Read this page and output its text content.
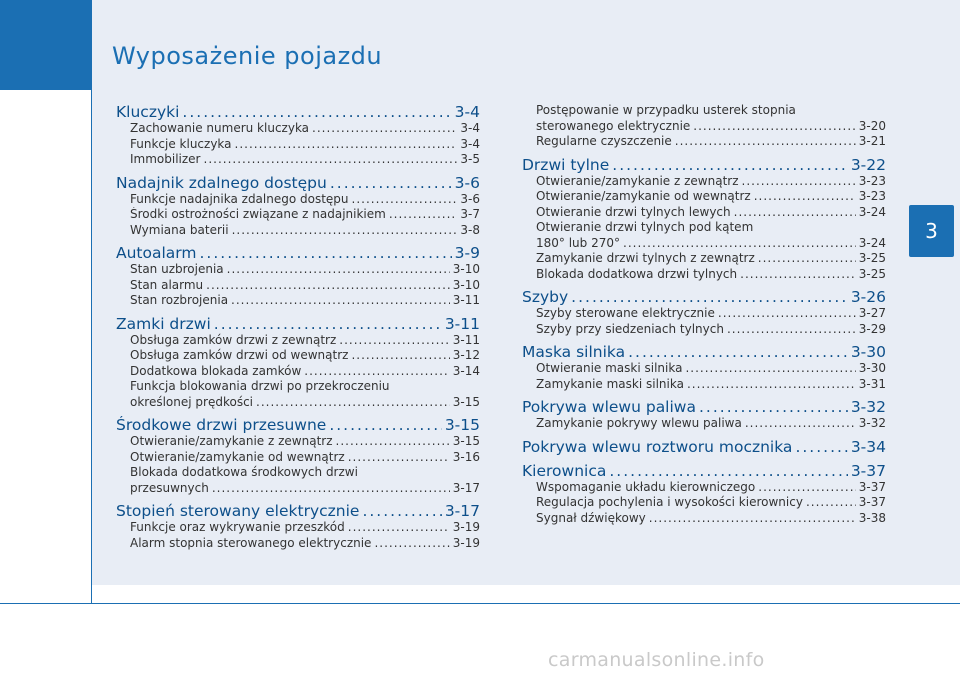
Wyposażenie pojazdu
Kluczyki .....	3-4
Zachowanie numeru kluczyka .....	3-4
Funkcje kluczyka .....	3-4
Immobilizer .....	3-5
Nadajnik zdalnego dostępu .....	3-6
Funkcje nadajnika zdalnego dostępu .....	3-6
Środki ostrożności związane z nadajnikiem .....	3-7
Wymiana baterii .....	3-8
Autoalarm .....	3-9
Stan uzbrojenia .....	3-10
Stan alarmu .....	3-10
Stan rozbrojenia .....	3-11
Zamki drzwi .....	3-11
Obsługa zamków drzwi z zewnątrz .....	3-11
Obsługa zamków drzwi od wewnątrz .....	3-12
Dodatkowa blokada zamków .....	3-14
Funkcja blokowania drzwi po przekroczeniu
określonej prędkości .....	3-15
Środkowe drzwi przesuwne .....	3-15
Otwieranie/zamykanie z zewnątrz .....	3-15
Otwieranie/zamykanie od wewnątrz .....	3-16
Blokada dodatkowa środkowych drzwi
przesuwnych .....	3-17
Stopień sterowany elektrycznie .....	3-17
Funkcje oraz wykrywanie przeszkód .....	3-19
Alarm stopnia sterowanego elektrycznie .....	3-19
Postępowanie w przypadku usterek stopnia
sterowanego elektrycznie .....	3-20
Regularne czyszczenie .....	3-21
Drzwi tylne .....	3-22
Otwieranie/zamykanie z zewnątrz .....	3-23
Otwieranie/zamykanie od wewnątrz .....	3-23
Otwieranie drzwi tylnych lewych .....	3-24
Otwieranie drzwi tylnych pod kątem
180° lub 270° .....	3-24
Zamykanie drzwi tylnych z zewnątrz .....	3-25
Blokada dodatkowa drzwi tylnych .....	3-25
Szyby .....	3-26
Szyby sterowane elektrycznie .....	3-27
Szyby przy siedzeniach tylnych .....	3-29
Maska silnika .....	3-30
Otwieranie maski silnika .....	3-30
Zamykanie maski silnika .....	3-31
Pokrywa wlewu paliwa .....	3-32
Zamykanie pokrywy wlewu paliwa .....	3-32
Pokrywa wlewu roztworu mocznika .....	3-34
Kierownica .....	3-37
Wspomaganie układu kierowniczego .....	3-37
Regulacja pochylenia i wysokości kierownicy .....	3-37
Sygnał dźwiękowy .....	3-38
3
carmanualsonline.info
